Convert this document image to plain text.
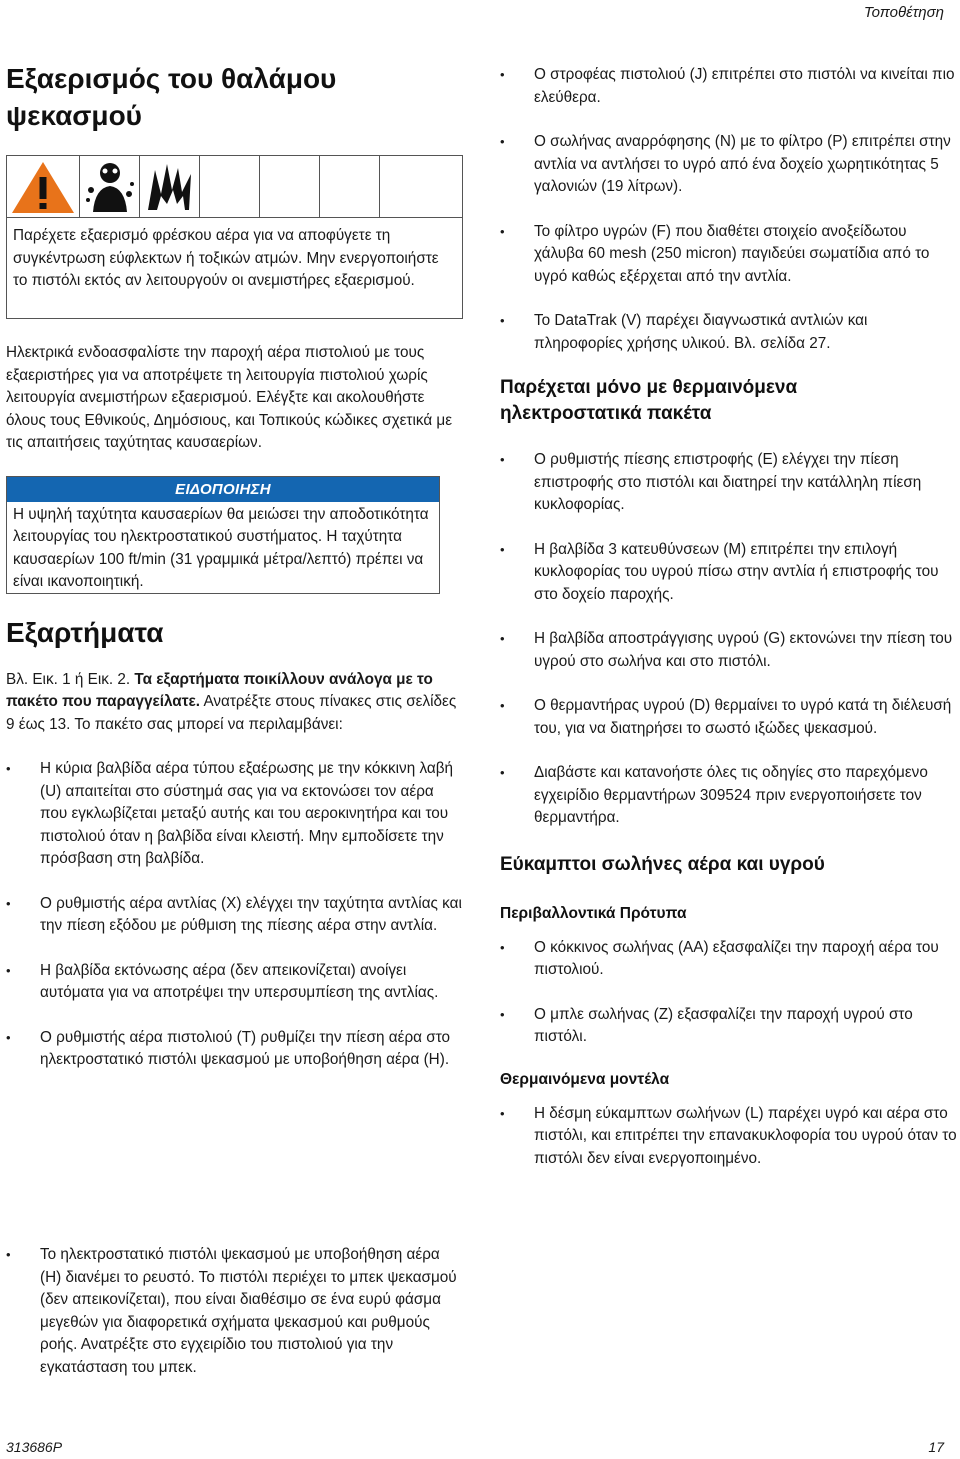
Τοποθέτηση
Εξαερισμός του θαλάμου ψεκασμού
Παρέχετε εξαερισμό φρέσκου αέρα για να αποφύγετε τη συγκέντρωση εύφλεκτων ή τοξικών ατμών. Μην ενεργοποιήστε το πιστόλι εκτός αν λειτουργούν οι ανεμιστήρες εξαερισμού.

Ηλεκτρικά ενδοασφαλίστε την παροχή αέρα πιστολιού με τους εξαεριστήρες για να αποτρέψετε τη λειτουργία πιστολιού χωρίς λειτουργία ανεμιστήρων εξαερισμού. Ελέγξτε και ακολουθήστε όλους τους Εθνικούς, Δημόσιους, και Τοπικούς κώδικες σχετικά με τις απαιτήσεις ταχύτητας καυσαερίων.

ΕΙΔΟΠΟΙΗΣΗ
Η υψηλή ταχύτητα καυσαερίων θα μειώσει την αποδοτικότητα λειτουργίας του ηλεκτροστατικού συστήματος. Η ταχύτητα καυσαερίων 100 ft/min (31 γραμμικά μέτρα/λεπτό) πρέπει να είναι ικανοποιητική.
Εξαρτήματα

Βλ. Εικ. 1 ή Εικ. 2. Τα εξαρτήματα ποικίλλουν ανάλογα με το πακέτο που παραγγείλατε. Ανατρέξτε στους πίνακες στις σελίδες 9 έως 13. Το πακέτο σας μπορεί να περιλαμβάνει:

• Η κύρια βαλβίδα αέρα τύπου εξαέρωσης με την κόκκινη λαβή (U) απαιτείται στο σύστημά σας για να εκτονώσει τον αέρα που εγκλωβίζεται μεταξύ αυτής και του αεροκινητήρα και του πιστολιού όταν η βαλβίδα είναι κλειστή. Μην εμποδίσετε την πρόσβαση στη βαλβίδα.
• Ο ρυθμιστής αέρα αντλίας (X) ελέγχει την ταχύτητα αντλίας και την πίεση εξόδου με ρύθμιση της πίεσης αέρα στην αντλία.
• Η βαλβίδα εκτόνωσης αέρα (δεν απεικονίζεται) ανοίγει αυτόματα για να αποτρέψει την υπερσυμπίεση της αντλίας.
• Ο ρυθμιστής αέρα πιστολιού (T) ρυθμίζει την πίεση αέρα στο ηλεκτροστατικό πιστόλι ψεκασμού με υποβοήθηση αέρα (H).
• Το ηλεκτροστατικό πιστόλι ψεκασμού με υποβοήθηση αέρα (H) διανέμει το ρευστό. Το πιστόλι περιέχει το μπεκ ψεκασμού (δεν απεικονίζεται), που είναι διαθέσιμο σε ένα ευρύ φάσμα μεγεθών για διαφορετικά σχήματα ψεκασμού και ρυθμούς ροής. Ανατρέξτε στο εγχειρίδιο του πιστολιού για την εγκατάσταση του μπεκ.
• Ο στροφέας πιστολιού (J) επιτρέπει στο πιστόλι να κινείται πιο ελεύθερα.
• Ο σωλήνας αναρρόφησης (N) με το φίλτρο (P) επιτρέπει στην αντλία να αντλήσει το υγρό από ένα δοχείο χωρητικότητας 5 γαλονιών (19 λίτρων).
• Το φίλτρο υγρών (F) που διαθέτει στοιχείο ανοξείδωτου χάλυβα 60 mesh (250 micron) παγιδεύει σωματίδια από το υγρό καθώς εξέρχεται από την αντλία.
• Το DataTrak (V) παρέχει διαγνωστικά αντλιών και πληροφορίες χρήσης υλικού. Βλ. σελίδα 27.
Παρέχεται μόνο με θερμαινόμενα ηλεκτροστατικά πακέτα
• Ο ρυθμιστής πίεσης επιστροφής (E) ελέγχει την πίεση επιστροφής στο πιστόλι και διατηρεί την κατάλληλη πίεση κυκλοφορίας.
• Η βαλβίδα 3 κατευθύνσεων (M) επιτρέπει την επιλογή κυκλοφορίας του υγρού πίσω στην αντλία ή επιστροφής του στο δοχείο παροχής.
• Η βαλβίδα αποστράγγισης υγρού (G) εκτονώνει την πίεση του υγρού στο σωλήνα και στο πιστόλι.
• Ο θερμαντήρας υγρού (D) θερμαίνει το υγρό κατά τη διέλευσή του, για να διατηρήσει το σωστό ιξώδες ψεκασμού.
• Διαβάστε και κατανοήστε όλες τις οδηγίες στο παρεχόμενο εγχειρίδιο θερμαντήρων 309524 πριν ενεργοποιήσετε τον θερμαντήρα.
Εύκαμπτοι σωλήνες αέρα και υγρού
Περιβαλλοντικά Πρότυπα
• Ο κόκκινος σωλήνας (AA) εξασφαλίζει την παροχή αέρα του πιστολιού.
• Ο μπλε σωλήνας (Z) εξασφαλίζει την παροχή υγρού στο πιστόλι.
Θερμαινόμενα μοντέλα
• Η δέσμη εύκαμπτων σωλήνων (L) παρέχει υγρό και αέρα στο πιστόλι, και επιτρέπει την επανακυκλοφορία του υγρού όταν το πιστόλι δεν είναι ενεργοποιημένο.
313686P	17
